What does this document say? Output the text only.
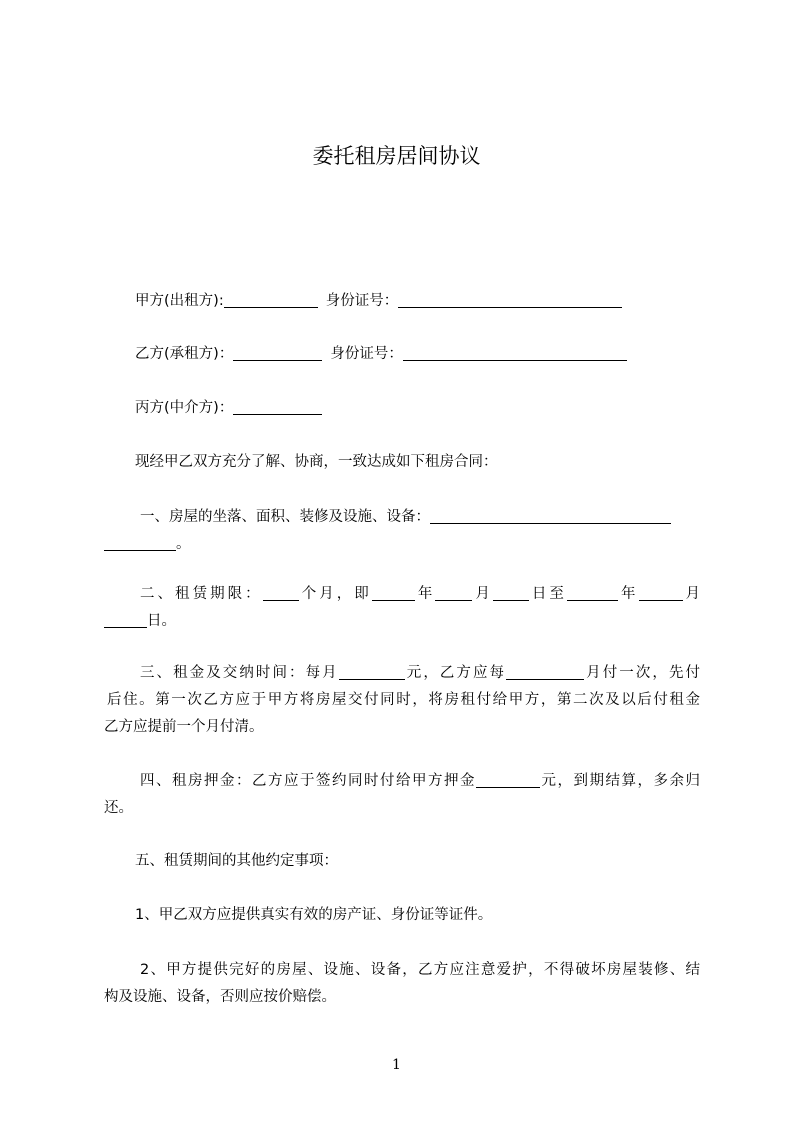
委托租房居间协议
甲方(出租方):	身份证号：
乙方(承租方)：	身份证号：
丙方(中介方)：
现经甲乙双方充分了解、协商，一致达成如下租房合同：
一、房屋的坐落、面积、装修及设施、设备：
。
二、租赁期限： 个月，即	年	月 日至	年	月
日。
三、租金及交纳时间：每月	元，乙方应每	月付一次，先付
后住。第一次乙方应于甲方将房屋交付同时，将房租付给甲方，第二次及以后付租金
乙方应提前一个月付清。
四、租房押金：乙方应于签约同时付给甲方押金	元，到期结算，多余归
还。
五、租赁期间的其他约定事项：
1、甲乙双方应提供真实有效的房产证、身份证等证件。
2、甲方提供完好的房屋、设施、设备，乙方应注意爱护，不得破坏房屋装修、结
构及设施、设备，否则应按价赔偿。
1
